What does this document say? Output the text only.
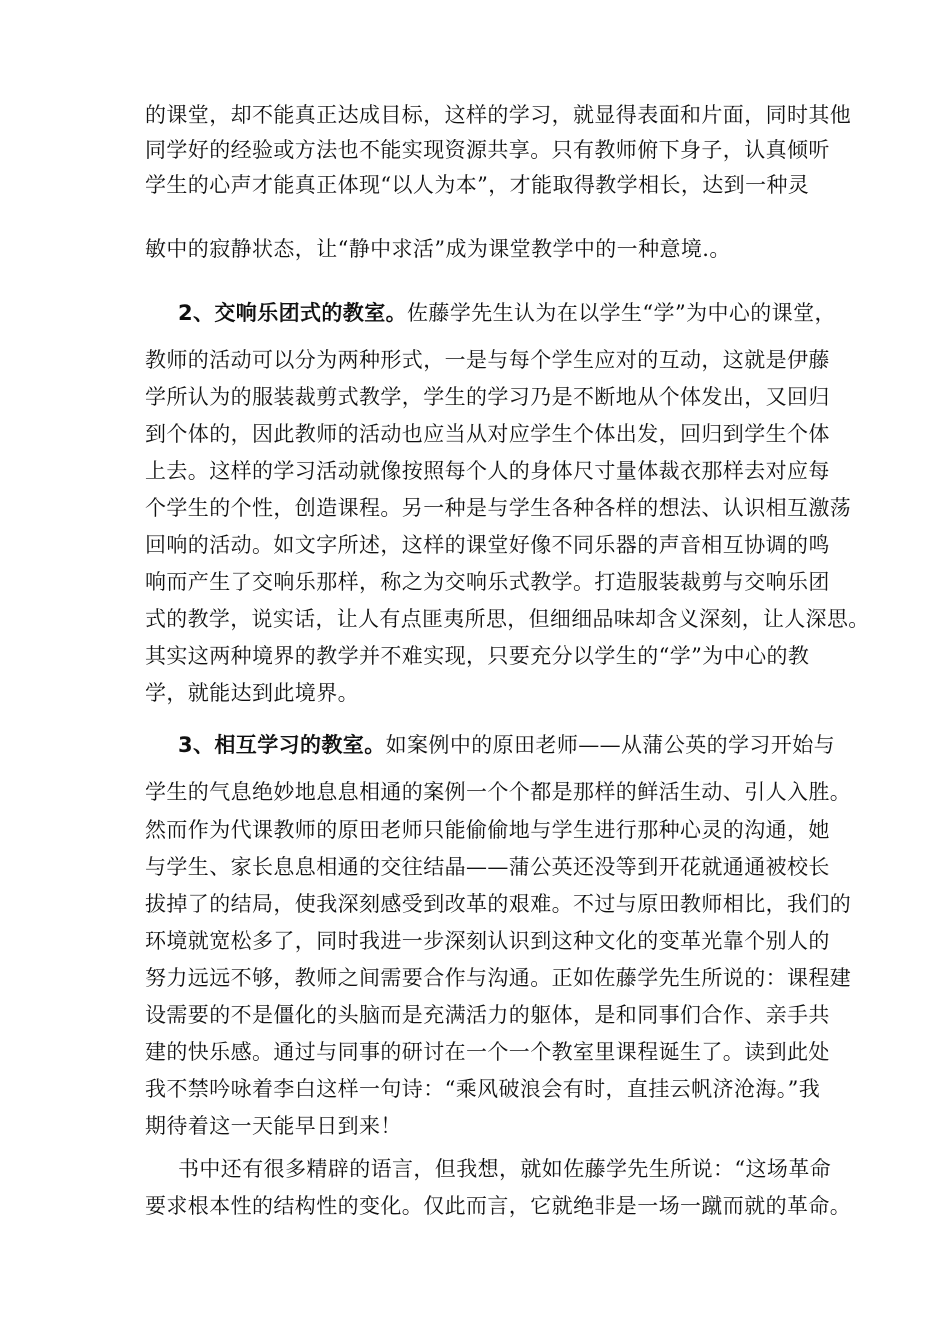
的课堂，却不能真正达成目标，这样的学习，就显得表面和片面，同时其他
同学好的经验或方法也不能实现资源共享。只有教师俯下身子，认真倾听
学生的心声才能真正体现“以人为本”，才能取得教学相长，达到一种灵
敏中的寂静状态，让“静中求活”成为课堂教学中的一种意境.。
2、交响乐团式的教室。佐藤学先生认为在以学生“学”为中心的课堂，
教师的活动可以分为两种形式，一是与每个学生应对的互动，这就是伊藤
学所认为的服装裁剪式教学，学生的学习乃是不断地从个体发出，又回归
到个体的，因此教师的活动也应当从对应学生个体出发，回归到学生个体
上去。这样的学习活动就像按照每个人的身体尺寸量体裁衣那样去对应每
个学生的个性，创造课程。另一种是与学生各种各样的想法、认识相互激荡
回响的活动。如文字所述，这样的课堂好像不同乐器的声音相互协调的鸣
响而产生了交响乐那样，称之为交响乐式教学。打造服装裁剪与交响乐团
式的教学，说实话，让人有点匪夷所思，但细细品味却含义深刻，让人深思。
其实这两种境界的教学并不难实现，只要充分以学生的“学”为中心的教
学，就能达到此境界。
3、相互学习的教室。如案例中的原田老师——从蒲公英的学习开始与
学生的气息绝妙地息息相通的案例一个个都是那样的鲜活生动、引人入胜。
然而作为代课教师的原田老师只能偷偷地与学生进行那种心灵的沟通，她
与学生、家长息息相通的交往结晶——蒲公英还没等到开花就通通被校长
拔掉了的结局，使我深刻感受到改革的艰难。不过与原田教师相比，我们的
环境就宽松多了，同时我进一步深刻认识到这种文化的变革光靠个别人的
努力远远不够，教师之间需要合作与沟通。正如佐藤学先生所说的：课程建
设需要的不是僵化的头脑而是充满活力的躯体，是和同事们合作、亲手共
建的快乐感。通过与同事的研讨在一个一个教室里课程诞生了。读到此处
我不禁吟咏着李白这样一句诗：“乘风破浪会有时，直挂云帆济沧海。”我
期待着这一天能早日到来！
书中还有很多精辟的语言，但我想，就如佐藤学先生所说：“这场革命
要求根本性的结构性的变化。仅此而言，它就绝非是一场一蹴而就的革命。
